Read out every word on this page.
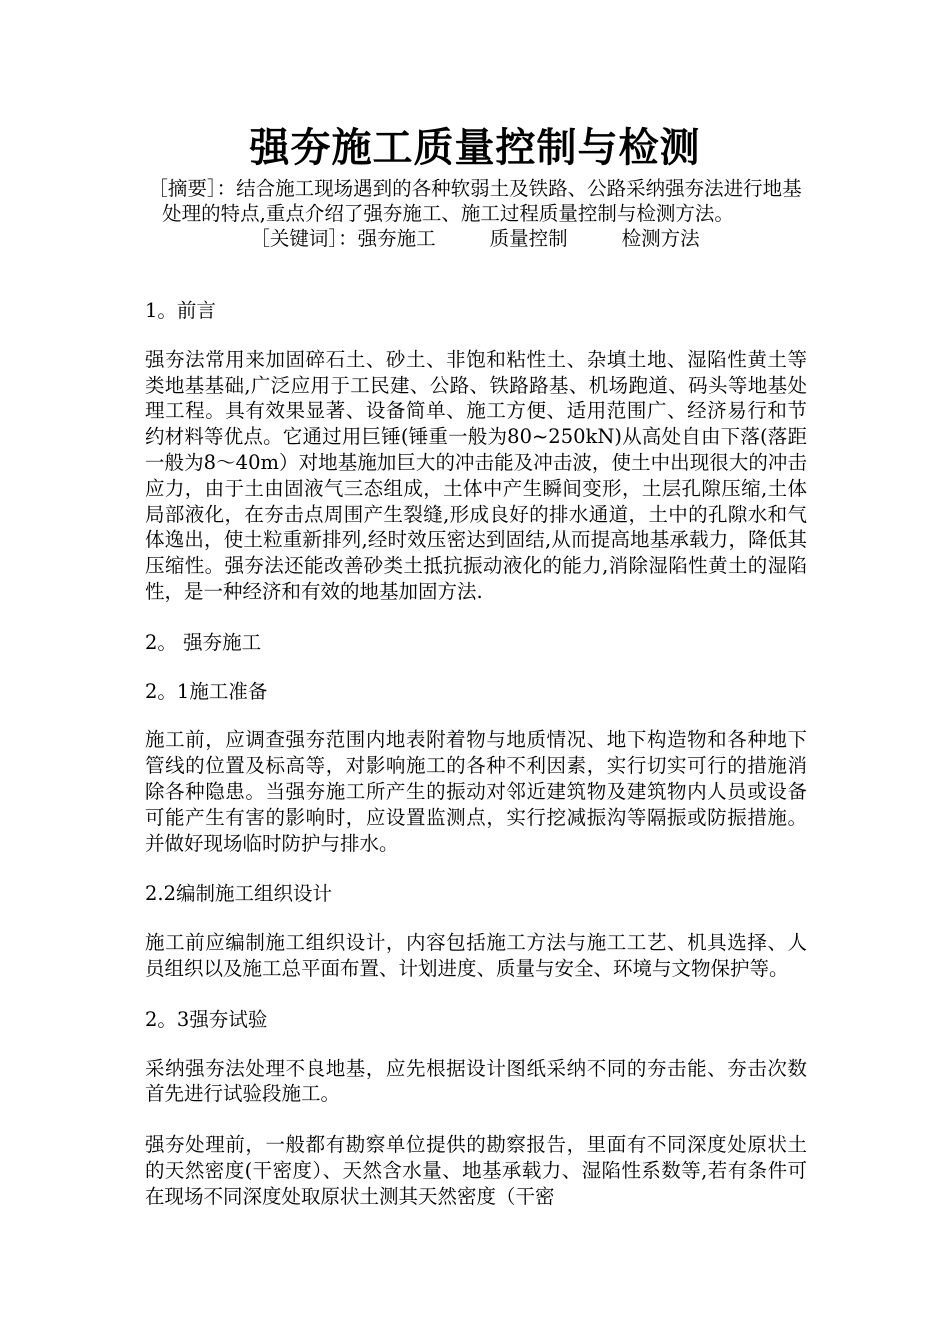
强夯施工质量控制与检测

［摘要］：结合施工现场遇到的各种软弱土及铁路、公路采纳强夯法进行地基处理的特点,重点介绍了强夯施工、施工过程质量控制与检测方法。［关键词］：强夯施工	质量控制	检测方法

1。前言

强夯法常用来加固碎石土、砂土、非饱和粘性土、杂填土地、湿陷性黄土等类地基基础,广泛应用于工民建、公路、铁路路基、机场跑道、码头等地基处理工程。具有效果显著、设备简单、施工方便、适用范围广、经济易行和节约材料等优点。它通过用巨锤(锤重一般为80~250kN)从高处自由下落(落距一般为8～40m）对地基施加巨大的冲击能及冲击波，使土中出现很大的冲击应力，由于土由固液气三态组成，土体中产生瞬间变形，土层孔隙压缩,土体局部液化，在夯击点周围产生裂缝,形成良好的排水通道，土中的孔隙水和气体逸出，使土粒重新排列,经时效压密达到固结,从而提高地基承载力，降低其压缩性。强夯法还能改善砂类土抵抗振动液化的能力,消除湿陷性黄土的湿陷性，是一种经济和有效的地基加固方法.

2。 强夯施工

2。1施工准备

施工前，应调查强夯范围内地表附着物与地质情况、地下构造物和各种地下管线的位置及标高等，对影响施工的各种不利因素，实行切实可行的措施消除各种隐患。当强夯施工所产生的振动对邻近建筑物及建筑物内人员或设备可能产生有害的影响时，应设置监测点，实行挖减振沟等隔振或防振措施。并做好现场临时防护与排水。

2.2编制施工组织设计

施工前应编制施工组织设计，内容包括施工方法与施工工艺、机具选择、人员组织以及施工总平面布置、计划进度、质量与安全、环境与文物保护等。

2。3强夯试验

采纳强夯法处理不良地基，应先根据设计图纸采纳不同的夯击能、夯击次数首先进行试验段施工。

强夯处理前，一般都有勘察单位提供的勘察报告，里面有不同深度处原状土的天然密度(干密度）、天然含水量、地基承载力、湿陷性系数等,若有条件可在现场不同深度处取原状土测其天然密度（干密
